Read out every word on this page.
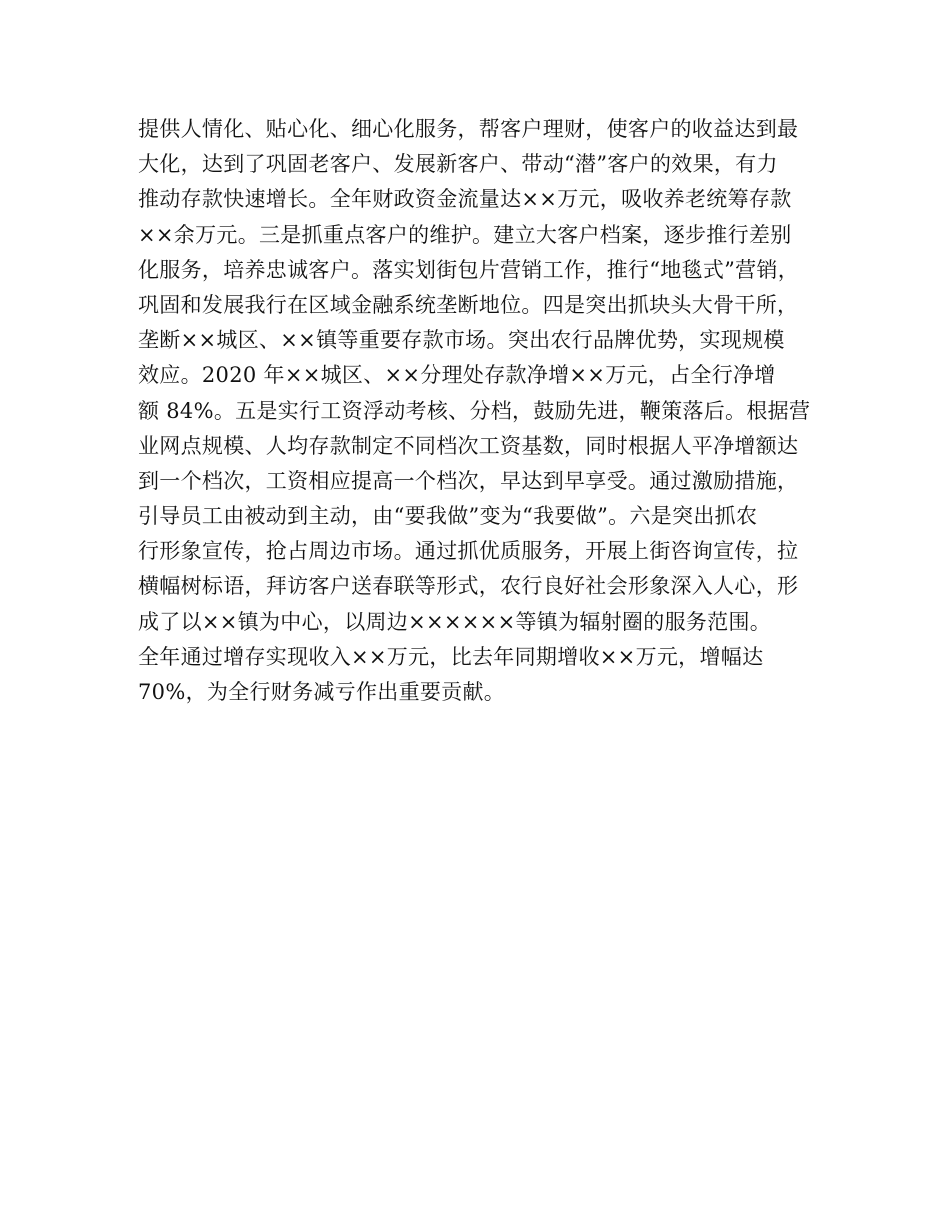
提供人情化、贴心化、细心化服务，帮客户理财，使客户的收益达到最
大化，达到了巩固老客户、发展新客户、带动“潜”客户的效果，有力
推动存款快速增长。全年财政资金流量达××万元，吸收养老统筹存款
××余万元。三是抓重点客户的维护。建立大客户档案，逐步推行差别
化服务，培养忠诚客户。落实划街包片营销工作，推行“地毯式”营销，
巩固和发展我行在区域金融系统垄断地位。四是突出抓块头大骨干所，
垄断××城区、××镇等重要存款市场。突出农行品牌优势，实现规模
效应。2020 年××城区、××分理处存款净增××万元，占全行净增
额 84%。五是实行工资浮动考核、分档，鼓励先进，鞭策落后。根据营
业网点规模、人均存款制定不同档次工资基数，同时根据人平净增额达
到一个档次，工资相应提高一个档次，早达到早享受。通过激励措施，
引导员工由被动到主动，由“要我做”变为“我要做”。六是突出抓农
行形象宣传，抢占周边市场。通过抓优质服务，开展上街咨询宣传，拉
横幅树标语，拜访客户送春联等形式，农行良好社会形象深入人心，形
成了以××镇为中心，以周边××××××等镇为辐射圈的服务范围。
全年通过增存实现收入××万元，比去年同期增收××万元，增幅达
70%，为全行财务减亏作出重要贡献。
